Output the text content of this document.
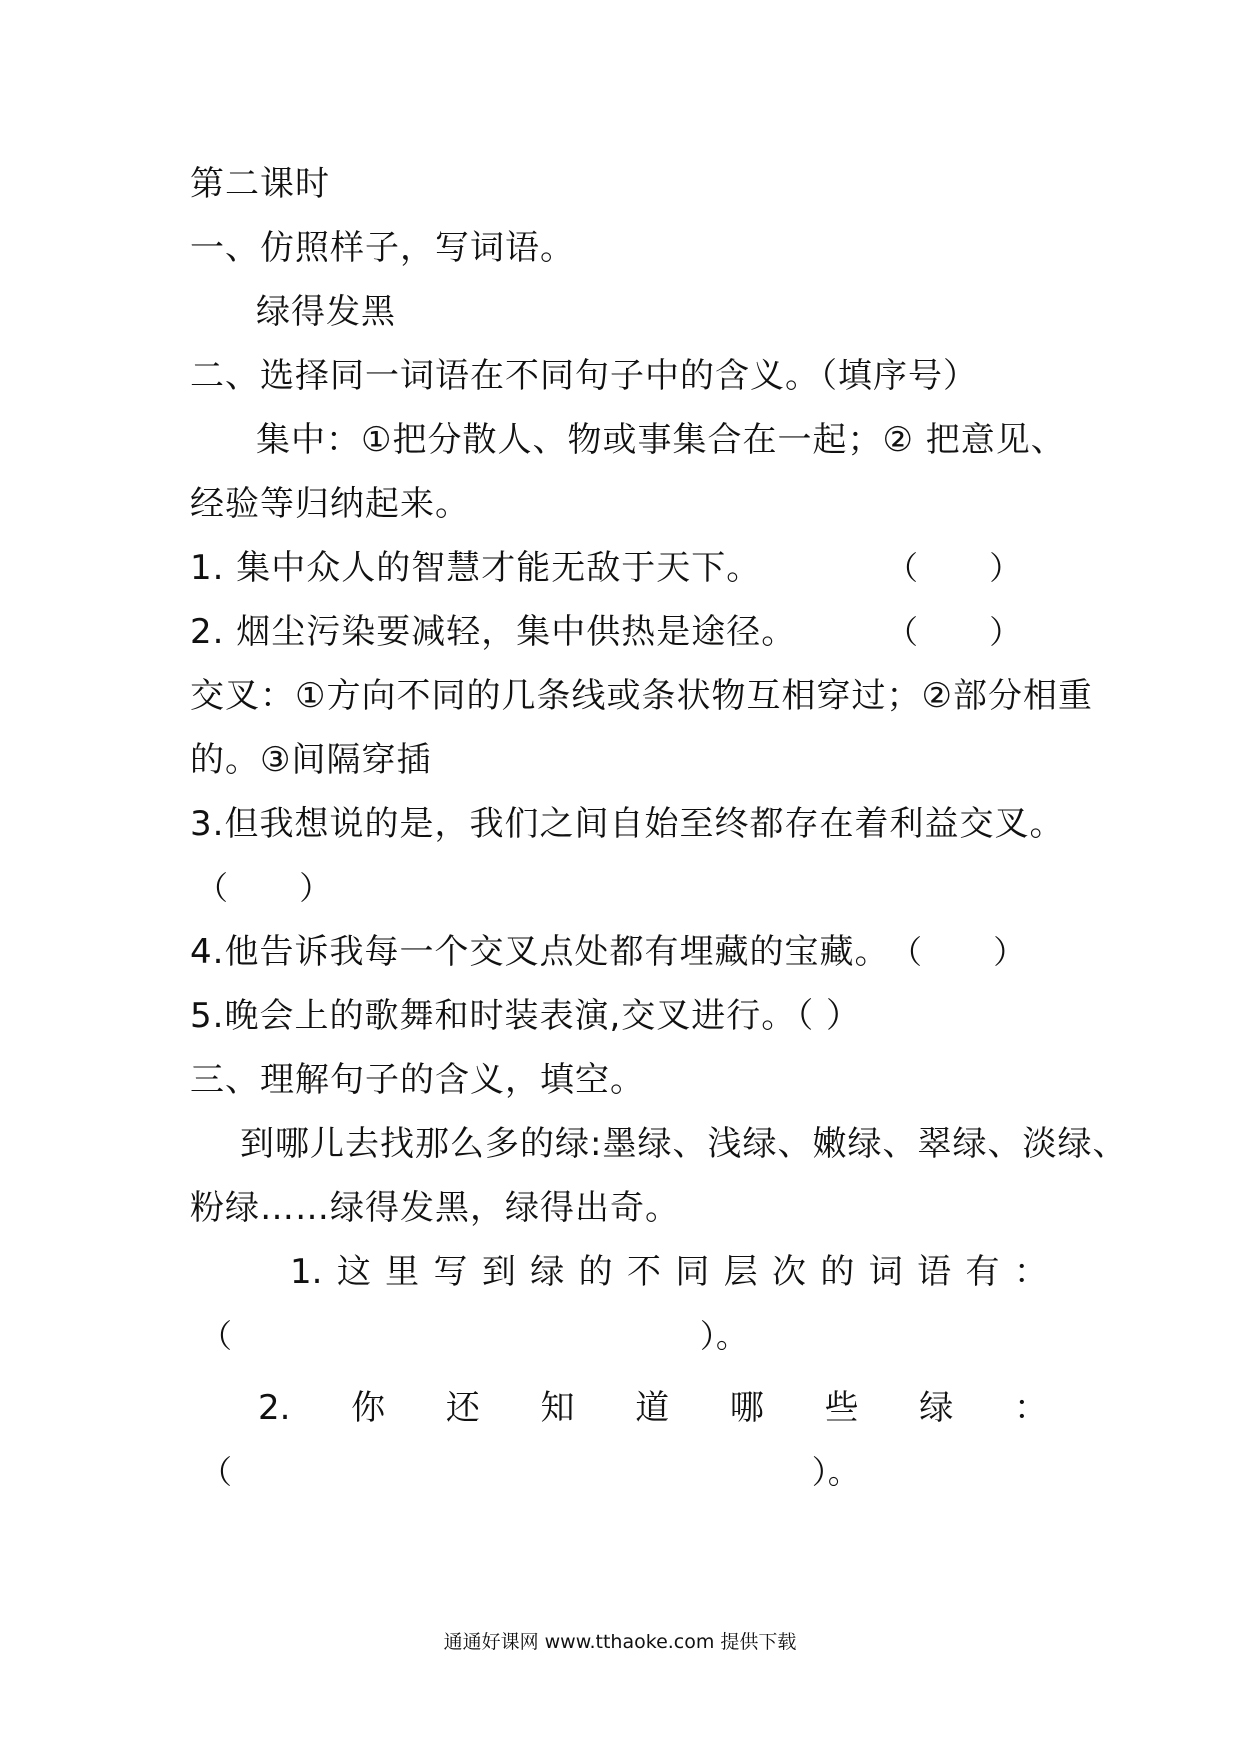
第二课时
一、仿照样子，写词语。
绿得发黑
二、选择同一词语在不同句子中的含义。（填序号）
集中：①把分散人、物或事集合在一起；② 把意见、
经验等归纳起来。
1. 集中众人的智慧才能无敌于天下。	（       ）
2. 烟尘污染要减轻，集中供热是途径。	（       ）
交叉：①方向不同的几条线或条状物互相穿过；②部分相重
的。③间隔穿插
3.但我想说的是，我们之间自始至终都存在着利益交叉。
（       ）
4.他告诉我每一个交叉点处都有埋藏的宝藏。 （       ）
5.晚会上的歌舞和时装表演,交叉进行。（ ）
三、理解句子的含义，填空。
到哪儿去找那么多的绿:墨绿、浅绿、嫩绿、翠绿、淡绿、
粉绿……绿得发黑，绿得出奇。
1. 这 里 写 到 绿 的 不 同 层 次 的 词 语 有 ：
（                                              ）。
2. 你 还 知 道 哪 些 绿 ：
（                                                         ）。
通通好课网 www.tthaoke.com 提供下载
